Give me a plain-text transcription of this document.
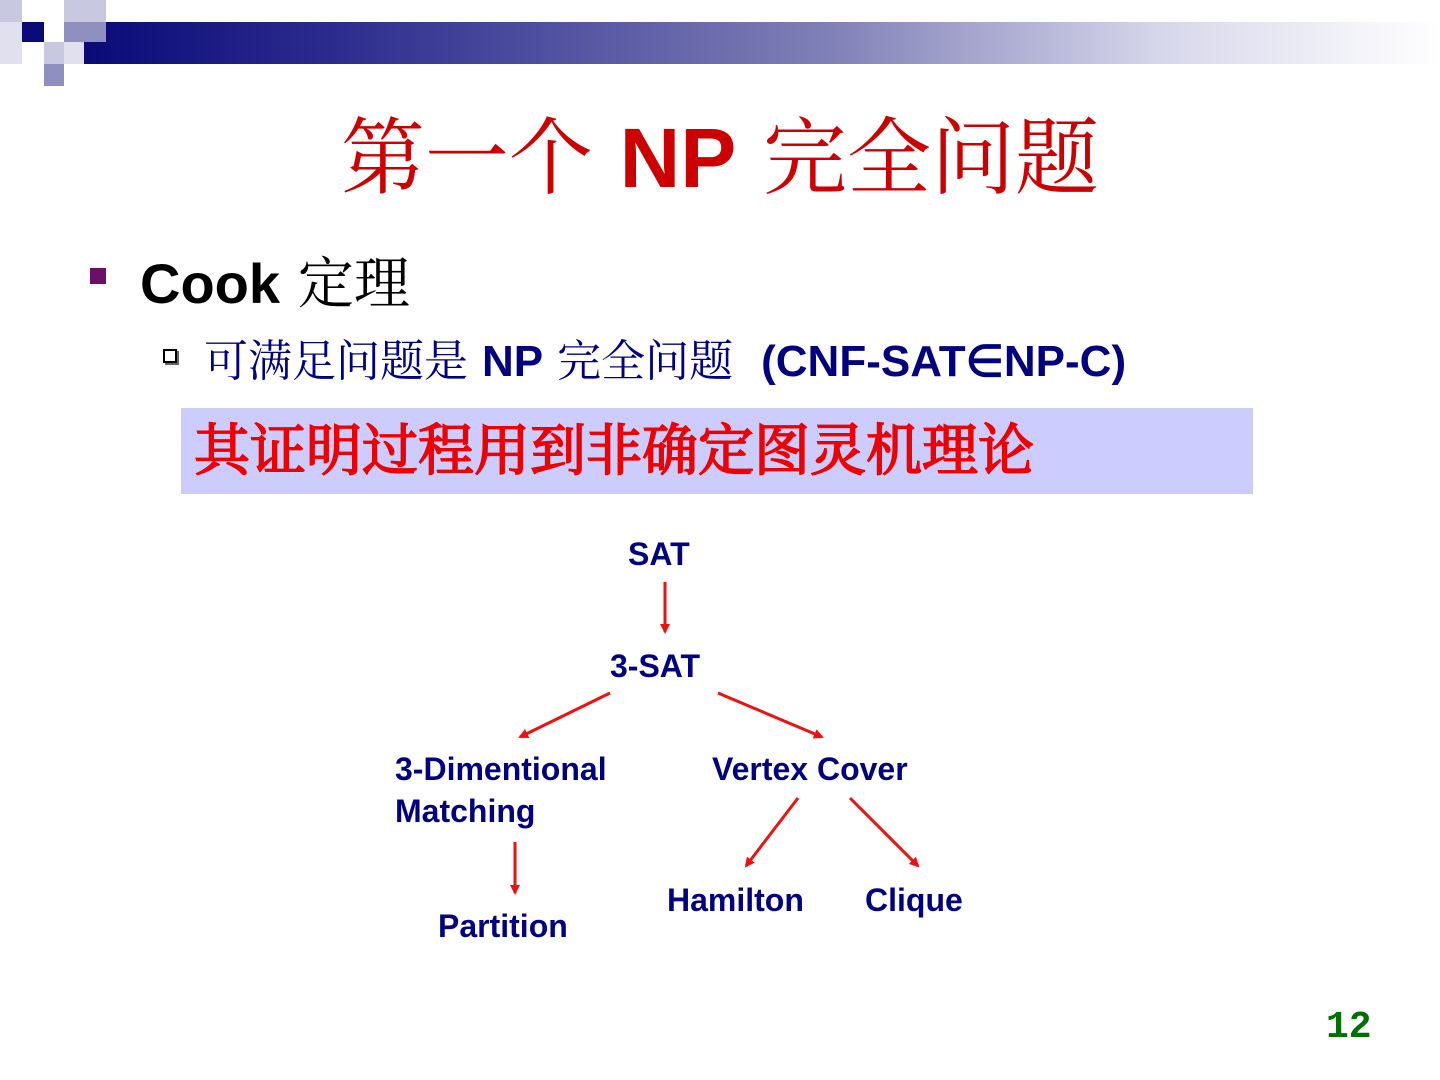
第一个 NP 完全问题
Cook 定理
可满足问题是 NP 完全问题 (CNF-SAT∈NP-C)
其证明过程用到非确定图灵机理论
SAT
3-SAT
3-Dimentional
Matching
Vertex Cover
Partition
Hamilton Clique
12
